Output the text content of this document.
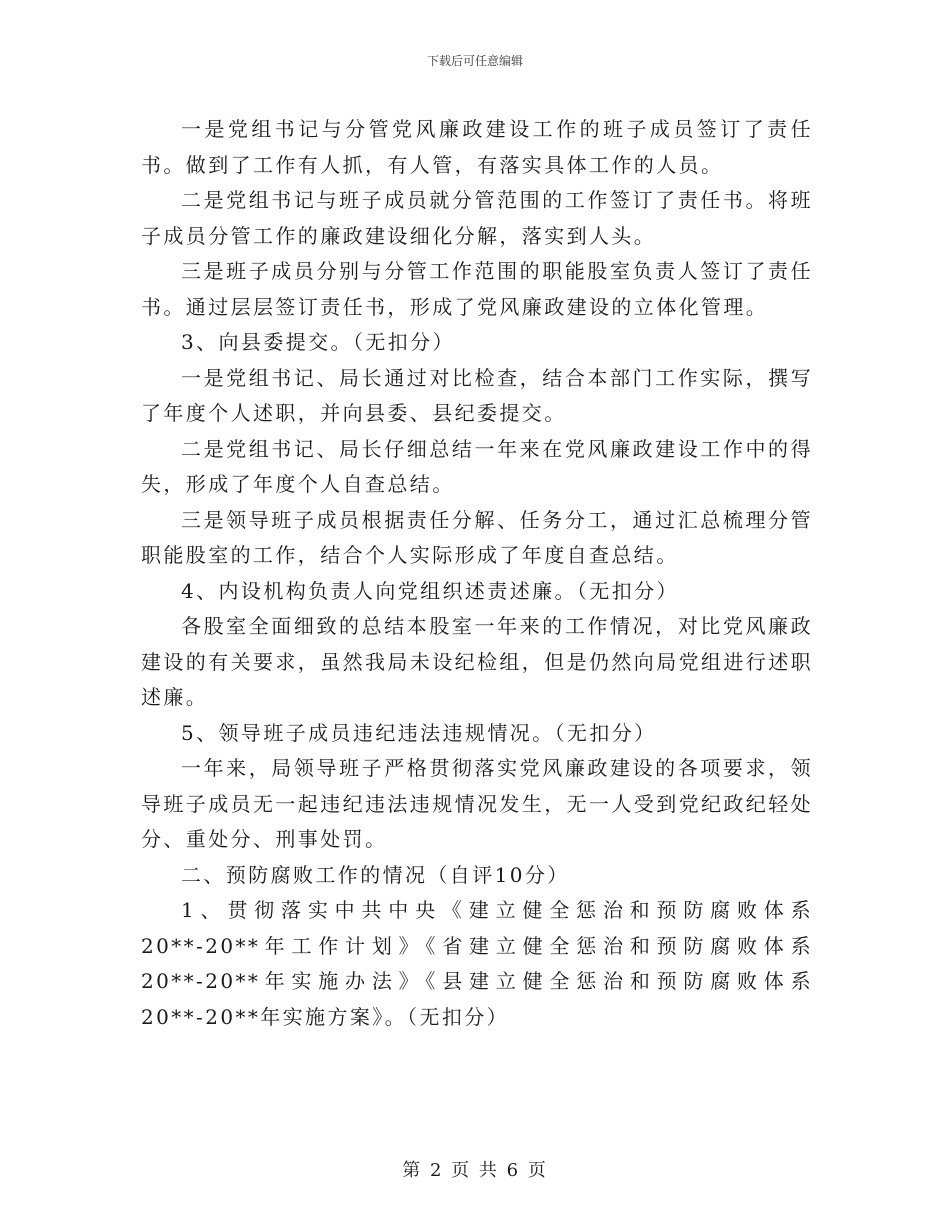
下载后可任意编辑

一是党组书记与分管党风廉政建设工作的班子成员签订了责任书。做到了工作有人抓，有人管，有落实具体工作的人员。

二是党组书记与班子成员就分管范围的工作签订了责任书。将班子成员分管工作的廉政建设细化分解，落实到人头。

三是班子成员分别与分管工作范围的职能股室负责人签订了责任书。通过层层签订责任书，形成了党风廉政建设的立体化管理。

3、向县委提交。（无扣分）

一是党组书记、局长通过对比检查，结合本部门工作实际，撰写了年度个人述职，并向县委、县纪委提交。

二是党组书记、局长仔细总结一年来在党风廉政建设工作中的得失，形成了年度个人自查总结。

三是领导班子成员根据责任分解、任务分工，通过汇总梳理分管职能股室的工作，结合个人实际形成了年度自查总结。

4、内设机构负责人向党组织述责述廉。（无扣分）

各股室全面细致的总结本股室一年来的工作情况，对比党风廉政建设的有关要求，虽然我局未设纪检组，但是仍然向局党组进行述职述廉。

5、领导班子成员违纪违法违规情况。（无扣分）

一年来，局领导班子严格贯彻落实党风廉政建设的各项要求，领导班子成员无一起违纪违法违规情况发生，无一人受到党纪政纪轻处分、重处分、刑事处罚。

二、预防腐败工作的情况（自评10分）

1、贯彻落实中共中央《建立健全惩治和预防腐败体系20**-20**年工作计划》《省建立健全惩治和预防腐败体系20**-20**年实施办法》《县建立健全惩治和预防腐败体系20**-20**年实施方案》。（无扣分）

第 2 页 共 6 页
